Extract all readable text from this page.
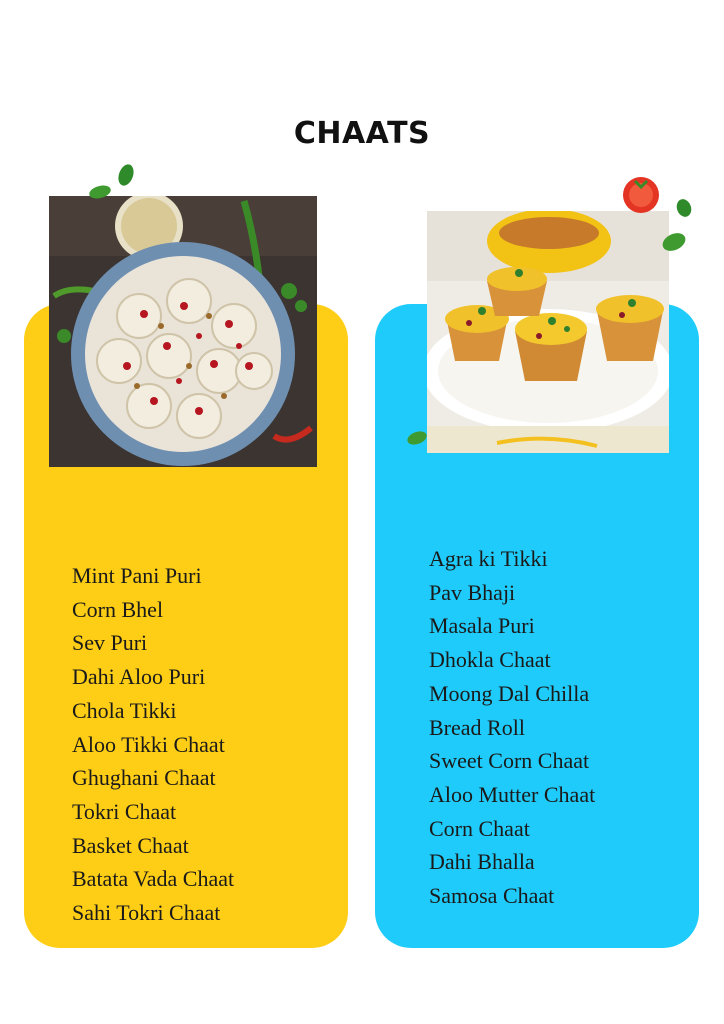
CHAATS
Mint Pani Puri
Corn Bhel
Sev Puri
Dahi Aloo Puri
Chola Tikki
Aloo Tikki Chaat
Ghughani Chaat
Tokri Chaat
Basket Chaat
Batata Vada Chaat
Sahi Tokri Chaat
Agra ki Tikki
Pav Bhaji
Masala Puri
Dhokla Chaat
Moong Dal Chilla
Bread Roll
Sweet Corn Chaat
Aloo Mutter Chaat
Corn Chaat
Dahi Bhalla
Samosa Chaat
